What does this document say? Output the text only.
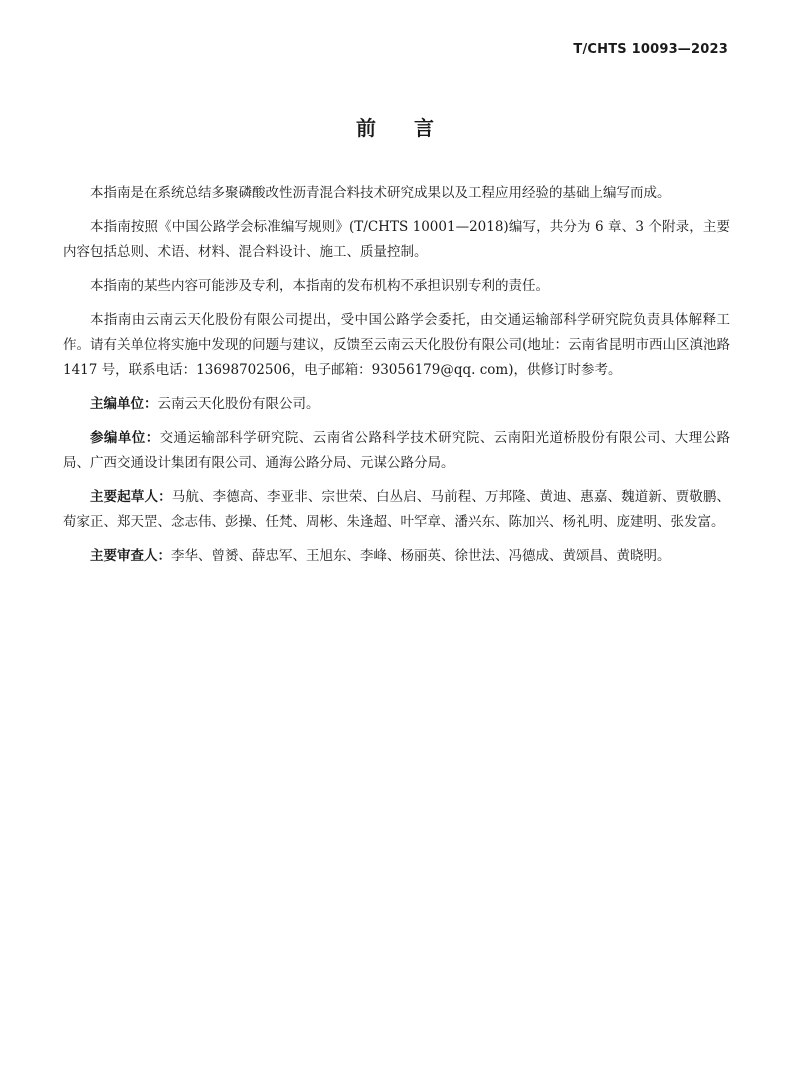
T/CHTS 10093—2023
前言

本指南是在系统总结多聚磷酸改性沥青混合料技术研究成果以及工程应用经验的基础上编写而成。

本指南按照《中国公路学会标准编写规则》(T/CHTS 10001—2018)编写，共分为 6 章、3 个附录，主要内容包括总则、术语、材料、混合料设计、施工、质量控制。

本指南的某些内容可能涉及专利，本指南的发布机构不承担识别专利的责任。

本指南由云南云天化股份有限公司提出，受中国公路学会委托，由交通运输部科学研究院负责具体解释工作。请有关单位将实施中发现的问题与建议，反馈至云南云天化股份有限公司(地址：云南省昆明市西山区滇池路 1417 号，联系电话：13698702506，电子邮箱：93056179@qq. com)，供修订时参考。

主编单位：云南云天化股份有限公司。

参编单位：交通运输部科学研究院、云南省公路科学技术研究院、云南阳光道桥股份有限公司、大理公路局、广西交通设计集团有限公司、通海公路分局、元谋公路分局。

主要起草人：马航、李德高、李亚非、宗世荣、白丛启、马前程、万邦隆、黄迪、惠嘉、魏道新、贾敬鹏、荀家正、郑天罡、念志伟、彭操、任梵、周彬、朱逢超、叶罕章、潘兴东、陈加兴、杨礼明、庞建明、张发富。

主要审查人：李华、曾赟、薛忠军、王旭东、李峰、杨丽英、徐世法、冯德成、黄颂昌、黄晓明。
